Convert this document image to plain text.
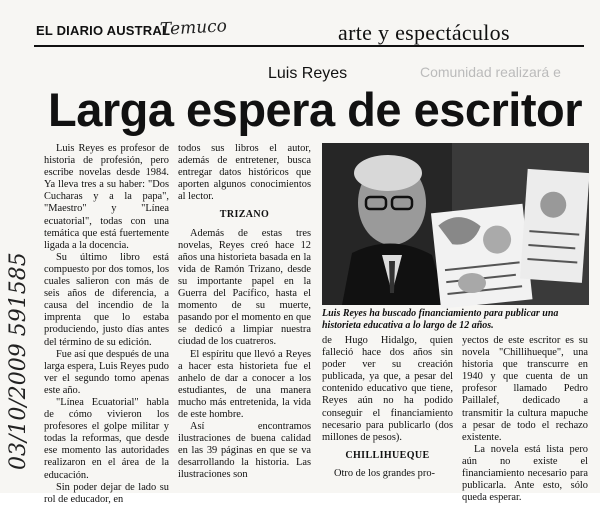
EL DIARIO AUSTRAL
Temuco	arte y espectáculos
Comunidad realizará e
Luis Reyes
Larga espera de escritor

Luis Reyes es profesor de historia de profesión, pero escribe novelas desde 1984. Ya lleva tres a su haber: "Dos Cucharas y a la papa", "Maestro" y "Línea ecuatorial", todas con una temática que está fuertemente ligada a la docencia.

Su último libro está compuesto por dos tomos, los cuales salieron con más de seis años de diferencia, a causa del incendio de la imprenta que lo estaba produciendo, justo días antes del término de su edición.

Fue así que después de una larga espera, Luis Reyes pudo ver el segundo tomo apenas este año.

"Línea Ecuatorial" habla de cómo vivieron los profesores el golpe militar y todas la reformas, que desde ese momento las autoridades realizaron en el área de la educación.

Sin poder dejar de lado su rol de educador, en

todos sus libros el autor, además de entretener, busca entregar datos históricos que aporten algunos conocimientos al lector.

TRIZANO

Además de estas tres novelas, Reyes creó hace 12 años una historieta basada en la vida de Ramón Trizano, desde su importante papel en la Guerra del Pacífico, hasta el momento de su muerte, pasando por el momento en que se dedicó a limpiar nuestra ciudad de los cuatreros.

El espíritu que llevó a Reyes a hacer esta historieta fue el anhelo de dar a conocer a los estudiantes, de una manera mucho más entretenida, la vida de este hombre.

Así encontramos ilustraciones de buena calidad en las 39 páginas en que se va desarrollando la historia. Las ilustraciones son

Luis Reyes ha buscado financiamiento para publicar una historieta educativa a lo largo de 12 años.

de Hugo Hidalgo, quien falleció hace dos años sin poder ver su creación publicada, ya que, a pesar del contenido educativo que tiene, Reyes aún no ha podido conseguir el financiamiento necesario para publicarlo (dos millones de pesos).

CHILLIHUEQUE

Otro de los grandes pro-

yectos de este escritor es su novela "Chillihueque", una historia que transcurre en 1940 y que cuenta de un profesor llamado Pedro Paillalef, dedicado a transmitir la cultura mapuche a pesar de todo el rechazo existente.

La novela está lista pero aún no existe el financiamiento necesario para publicarla. Ante esto, sólo queda esperar.

03/10/2009 591585
